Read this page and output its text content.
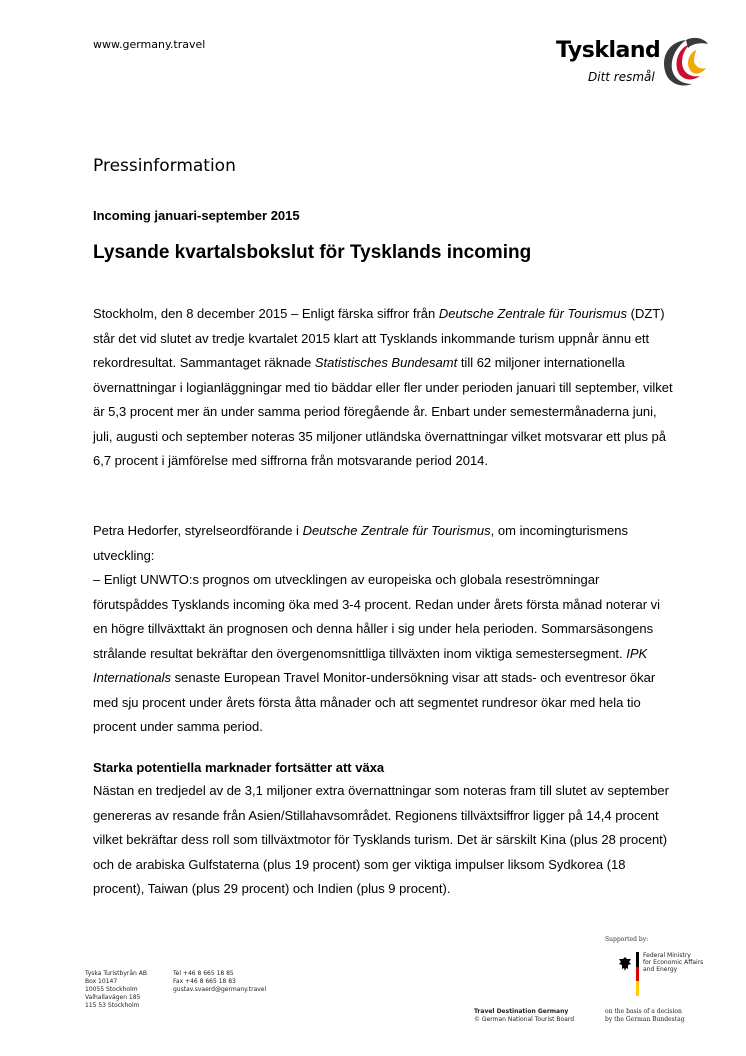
www.germany.travel	Tyskland
Ditt resmål
Pressinformation
Incoming januari-september 2015
Lysande kvartalsbokslut för Tysklands incoming
Stockholm, den 8 december 2015 – Enligt färska siffror från Deutsche Zentrale für Tourismus (DZT) står det vid slutet av tredje kvartalet 2015 klart att Tysklands inkommande turism uppnår ännu ett rekordresultat. Sammantaget räknade Statistisches Bundesamt till 62 miljoner internationella övernattningar i logianläggningar med tio bäddar eller fler under perioden januari till september, vilket är 5,3 procent mer än under samma period föregående år. Enbart under semestermånaderna juni, juli, augusti och september noteras 35 miljoner utländska övernattningar vilket motsvarar ett plus på 6,7 procent i jämförelse med siffrorna från motsvarande period 2014.
Petra Hedorfer, styrelseordförande i Deutsche Zentrale für Tourismus, om incomingturismens utveckling:
– Enligt UNWTO:s prognos om utvecklingen av europeiska och globala reseströmningar förutspåddes Tysklands incoming öka med 3-4 procent. Redan under årets första månad noterar vi en högre tillväxttakt än prognosen och denna håller i sig under hela perioden. Sommarsäsongens strålande resultat bekräftar den övergenomsnittliga tillväxten inom viktiga semestersegment. IPK Internationals senaste European Travel Monitor-undersökning visar att stads- och eventresor ökar med sju procent under årets första åtta månader och att segmentet rundresor ökar med hela tio procent under samma period.
Starka potentiella marknader fortsätter att växa
Nästan en tredjedel av de 3,1 miljoner extra övernattningar som noteras fram till slutet av september genereras av resande från Asien/Stillahavsområdet. Regionens tillväxtsiffror ligger på 14,4 procent vilket bekräftar dess roll som tillväxtmotor för Tysklands turism. Det är särskilt Kina (plus 28 procent) och de arabiska Gulfstaterna (plus 19 procent) som ger viktiga impulser liksom Sydkorea (18 procent), Taiwan (plus 29 procent) och Indien (plus 9 procent).
Supported by:
Federal Ministry
for Economic Affairs
and Energy
Tyska Turistbyrån AB
Box 10147
10055 Stockholm
Valhallavägen 185
115 53 Stockholm
Tel +46 8 665 18 85
Fax +46 8 665 18 83
gustav.svaerd@germany.travel
Travel Destination Germany
© German National Tourist Board
on the basis of a decision
by the German Bundestag
